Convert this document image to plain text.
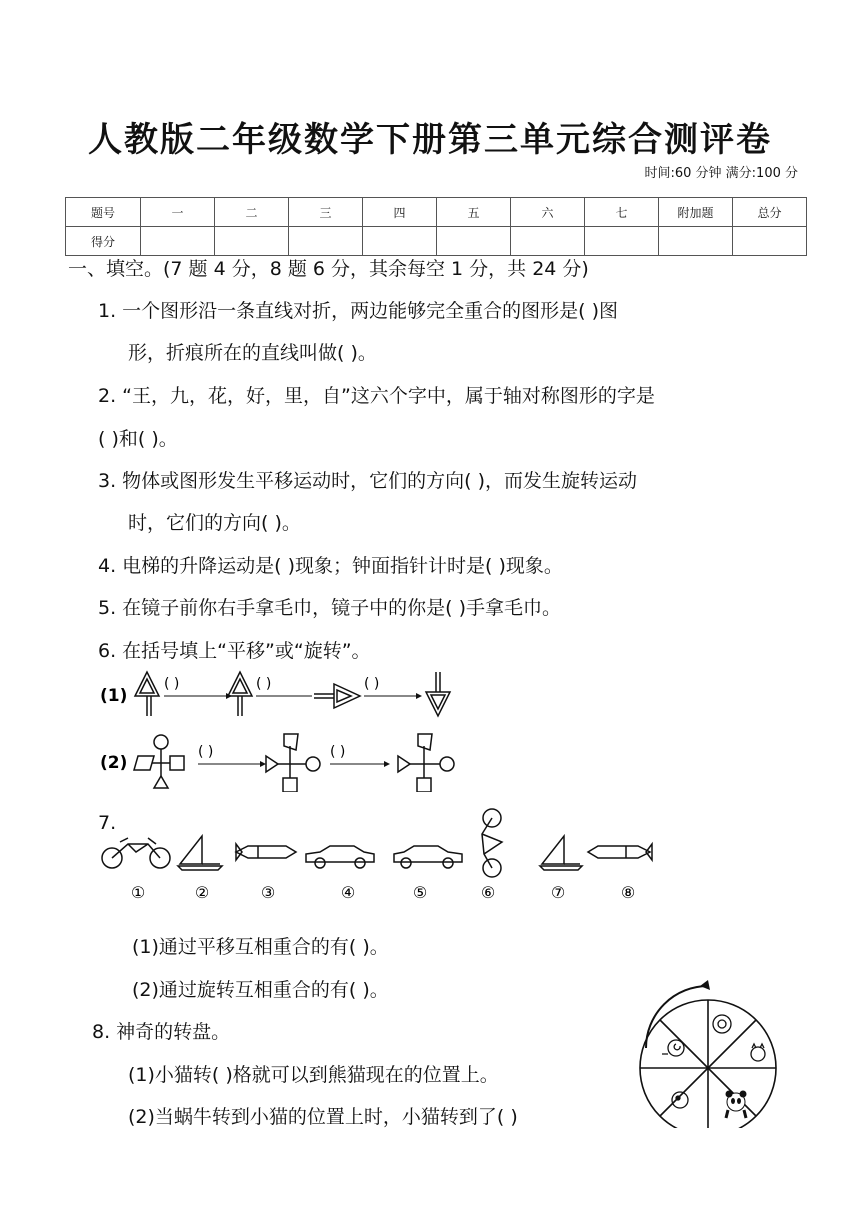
人教版二年级数学下册第三单元综合测评卷
时间:60 分钟 满分:100 分
题号	一	二	三	四	五	六	七	附加题	总分
得分									
一、填空。(7 题 4 分，8 题 6 分，其余每空 1 分，共 24 分)
1. 一个图形沿一条直线对折，两边能够完全重合的图形是( )图
形，折痕所在的直线叫做( )。
2. “王，九，花，好，里，自”这六个字中，属于轴对称图形的字是
( )和( )。
3. 物体或图形发生平移运动时，它们的方向( )，而发生旋转运动
时，它们的方向( )。
4. 电梯的升降运动是( )现象；钟面指针计时是( )现象。
5. 在镜子前你右手拿毛巾，镜子中的你是( )手拿毛巾。
6. 在括号填上“平移”或“旋转”。
(1)
( )	( )	( )
(2)
( )	( )
7.
①	②	③	④	⑤	⑥	⑦	⑧
(1)通过平移互相重合的有( )。
(2)通过旋转互相重合的有( )。
8. 神奇的转盘。
(1)小猫转( )格就可以到熊猫现在的位置上。
(2)当蜗牛转到小猫的位置上时，小猫转到了( )
